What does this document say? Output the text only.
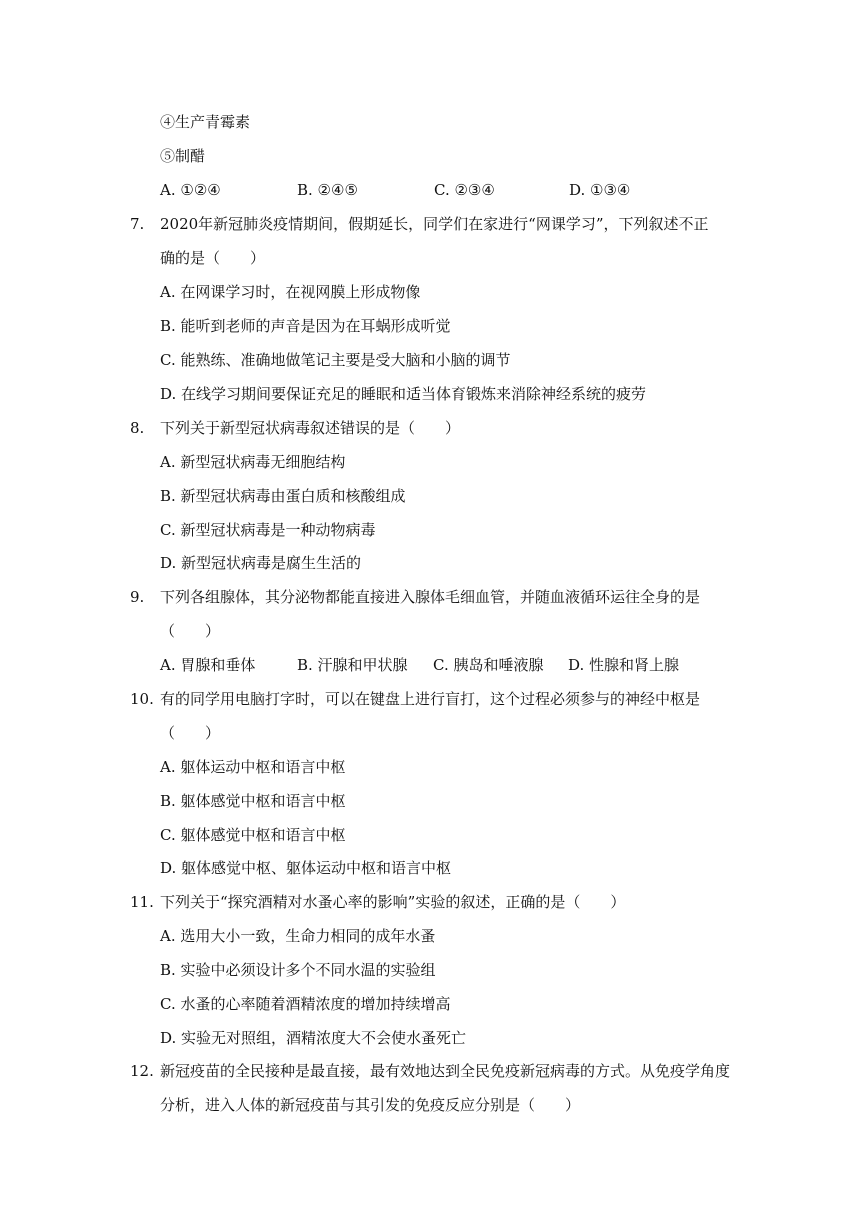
④生产青霉素
⑤制醋
A. ①②④	B. ②④⑤	C. ②③④	D. ①③④
7. 2020年新冠肺炎疫情期间，假期延长，同学们在家进行“网课学习”，下列叙述不正
确的是（　　）
A. 在网课学习时，在视网膜上形成物像
B. 能听到老师的声音是因为在耳蜗形成听觉
C. 能熟练、准确地做笔记主要是受大脑和小脑的调节
D. 在线学习期间要保证充足的睡眠和适当体育锻炼来消除神经系统的疲劳
8. 下列关于新型冠状病毒叙述错误的是（　　）
A. 新型冠状病毒无细胞结构
B. 新型冠状病毒由蛋白质和核酸组成
C. 新型冠状病毒是一种动物病毒
D. 新型冠状病毒是腐生生活的
9. 下列各组腺体，其分泌物都能直接进入腺体毛细血管，并随血液循环运往全身的是
（　　）
A. 胃腺和垂体	B. 汗腺和甲状腺 C. 胰岛和唾液腺 D. 性腺和肾上腺
10. 有的同学用电脑打字时，可以在键盘上进行盲打，这个过程必须参与的神经中枢是
（　　）
A. 躯体运动中枢和语言中枢
B. 躯体感觉中枢和语言中枢
C. 躯体感觉中枢和语言中枢
D. 躯体感觉中枢、躯体运动中枢和语言中枢
11. 下列关于“探究酒精对水蚤心率的影响”实验的叙述，正确的是（　　）
A. 选用大小一致，生命力相同的成年水蚤
B. 实验中必须设计多个不同水温的实验组
C. 水蚤的心率随着酒精浓度的增加持续增高
D. 实验无对照组，酒精浓度大不会使水蚤死亡
12. 新冠疫苗的全民接种是最直接，最有效地达到全民免疫新冠病毒的方式。从免疫学角度
分析，进入人体的新冠疫苗与其引发的免疫反应分别是（　　）
